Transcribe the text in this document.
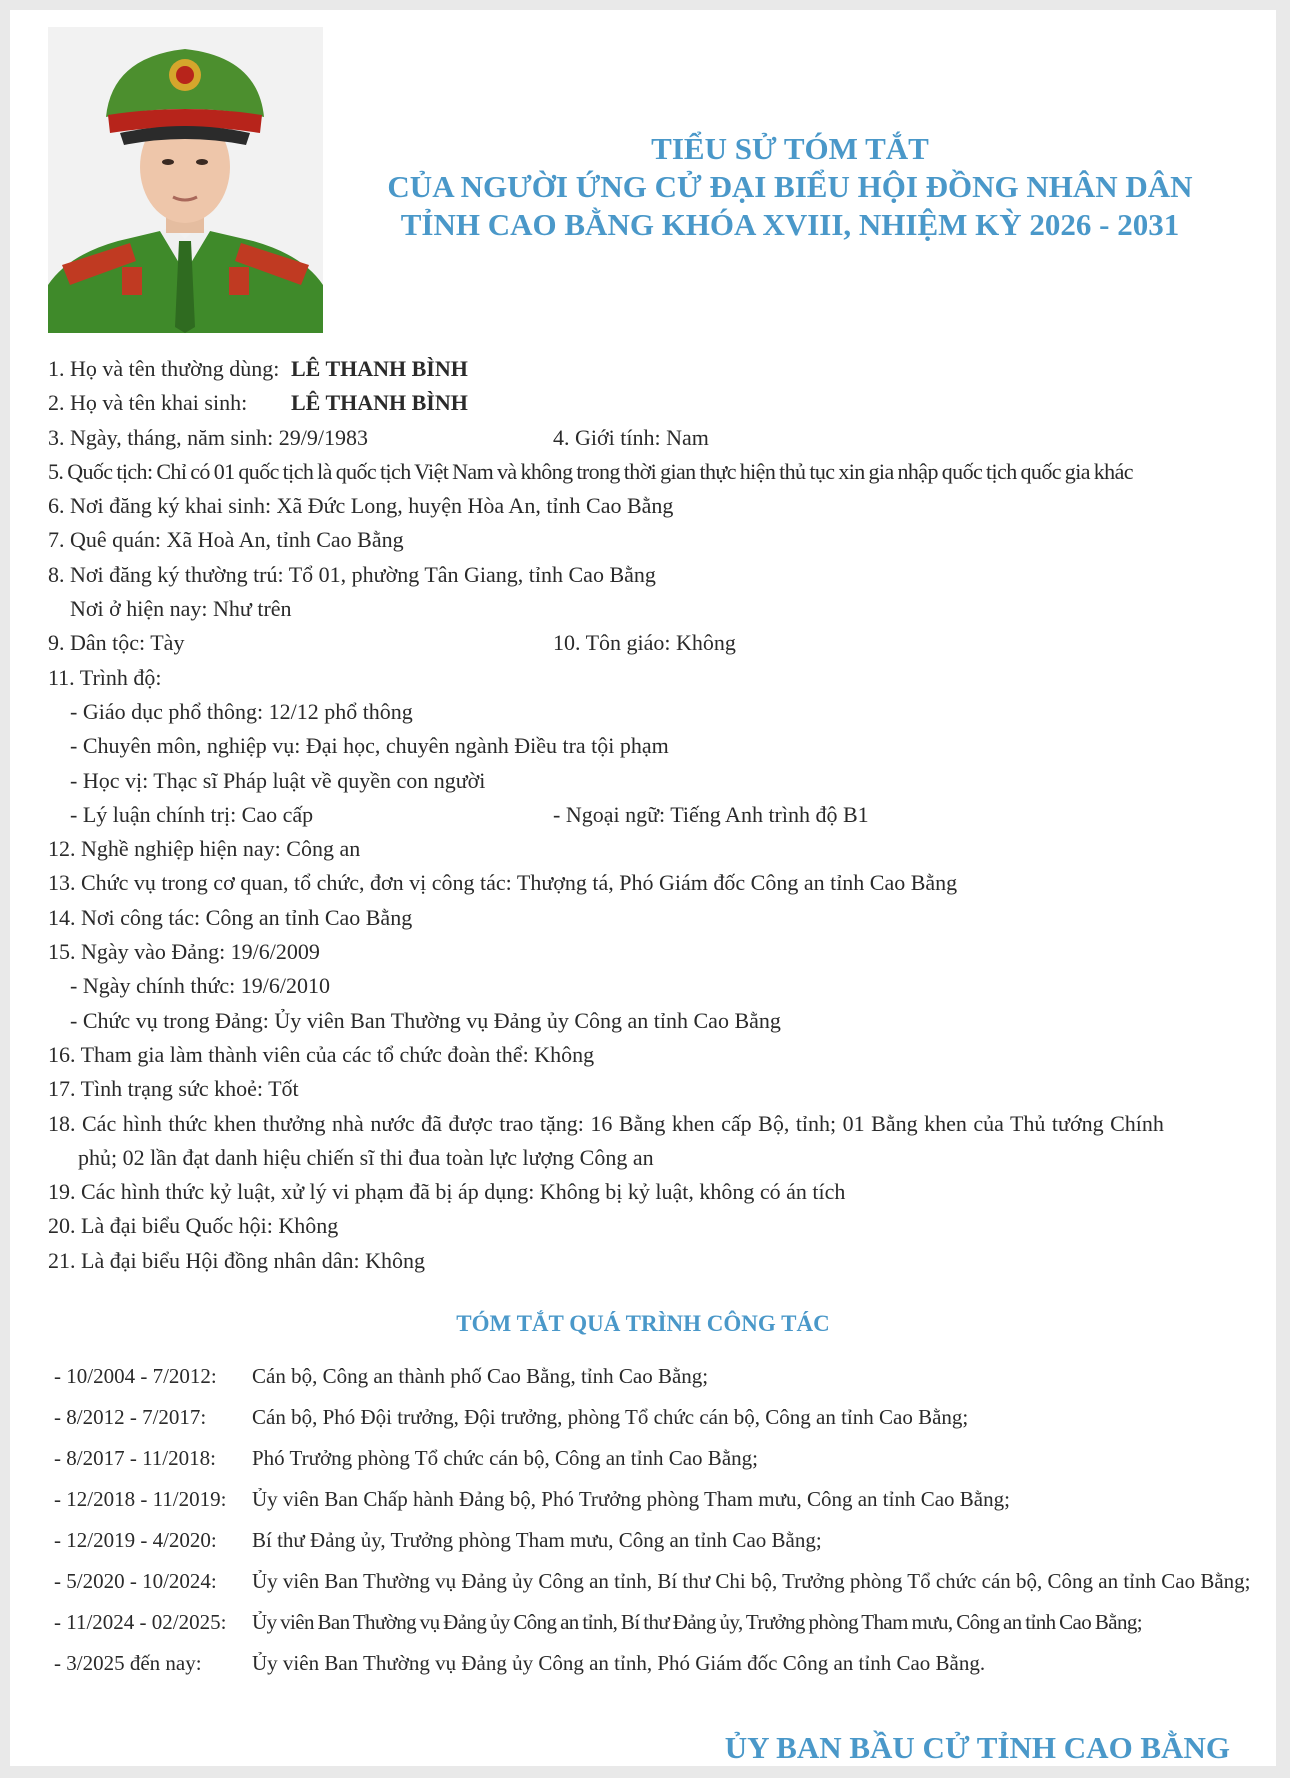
TIỂU SỬ TÓM TẮT
CỦA NGƯỜI ỨNG CỬ ĐẠI BIỂU HỘI ĐỒNG NHÂN DÂN
TỈNH CAO BẰNG KHÓA XVIII, NHIỆM KỲ 2026 - 2031
1. Họ và tên thường dùng: LÊ THANH BÌNH
2. Họ và tên khai sinh: LÊ THANH BÌNH
3. Ngày, tháng, năm sinh: 29/9/1983	4. Giới tính: Nam
5. Quốc tịch: Chỉ có 01 quốc tịch là quốc tịch Việt Nam và không trong thời gian thực hiện thủ tục xin gia nhập quốc tịch quốc gia khác
6. Nơi đăng ký khai sinh: Xã Đức Long, huyện Hòa An, tỉnh Cao Bằng
7. Quê quán: Xã Hoà An, tỉnh Cao Bằng
8. Nơi đăng ký thường trú: Tổ 01, phường Tân Giang, tỉnh Cao Bằng
Nơi ở hiện nay: Như trên
9. Dân tộc: Tày	10. Tôn giáo: Không
11. Trình độ:
- Giáo dục phổ thông: 12/12 phổ thông
- Chuyên môn, nghiệp vụ: Đại học, chuyên ngành Điều tra tội phạm
- Học vị: Thạc sĩ Pháp luật về quyền con người
- Lý luận chính trị: Cao cấp	- Ngoại ngữ: Tiếng Anh trình độ B1
12. Nghề nghiệp hiện nay: Công an
13. Chức vụ trong cơ quan, tổ chức, đơn vị công tác: Thượng tá, Phó Giám đốc Công an tỉnh Cao Bằng
14. Nơi công tác: Công an tỉnh Cao Bằng
15. Ngày vào Đảng: 19/6/2009
- Ngày chính thức: 19/6/2010
- Chức vụ trong Đảng: Ủy viên Ban Thường vụ Đảng ủy Công an tỉnh Cao Bằng
16. Tham gia làm thành viên của các tổ chức đoàn thể: Không
17. Tình trạng sức khoẻ: Tốt
18. Các hình thức khen thưởng nhà nước đã được trao tặng: 16 Bằng khen cấp Bộ, tỉnh; 01 Bằng khen của Thủ tướng Chính
phủ; 02 lần đạt danh hiệu chiến sĩ thi đua toàn lực lượng Công an
19. Các hình thức kỷ luật, xử lý vi phạm đã bị áp dụng: Không bị kỷ luật, không có án tích
20. Là đại biểu Quốc hội: Không
21. Là đại biểu Hội đồng nhân dân: Không
TÓM TẮT QUÁ TRÌNH CÔNG TÁC
- 10/2004 - 7/2012:	Cán bộ, Công an thành phố Cao Bằng, tỉnh Cao Bằng;
- 8/2012 - 7/2017:	Cán bộ, Phó Đội trưởng, Đội trưởng, phòng Tổ chức cán bộ, Công an tỉnh Cao Bằng;
- 8/2017 - 11/2018:	Phó Trưởng phòng Tổ chức cán bộ, Công an tỉnh Cao Bằng;
- 12/2018 - 11/2019:	Ủy viên Ban Chấp hành Đảng bộ, Phó Trưởng phòng Tham mưu, Công an tỉnh Cao Bằng;
- 12/2019 - 4/2020:	Bí thư Đảng ủy, Trưởng phòng Tham mưu, Công an tỉnh Cao Bằng;
- 5/2020 - 10/2024:	Ủy viên Ban Thường vụ Đảng ủy Công an tỉnh, Bí thư Chi bộ, Trưởng phòng Tổ chức cán bộ, Công an tỉnh Cao Bằng;
- 11/2024 - 02/2025:	Ủy viên Ban Thường vụ Đảng ủy Công an tỉnh, Bí thư Đảng ủy, Trưởng phòng Tham mưu, Công an tỉnh Cao Bằng;
- 3/2025 đến nay:	Ủy viên Ban Thường vụ Đảng ủy Công an tỉnh, Phó Giám đốc Công an tỉnh Cao Bằng.
ỦY BAN BẦU CỬ TỈNH CAO BẰNG
